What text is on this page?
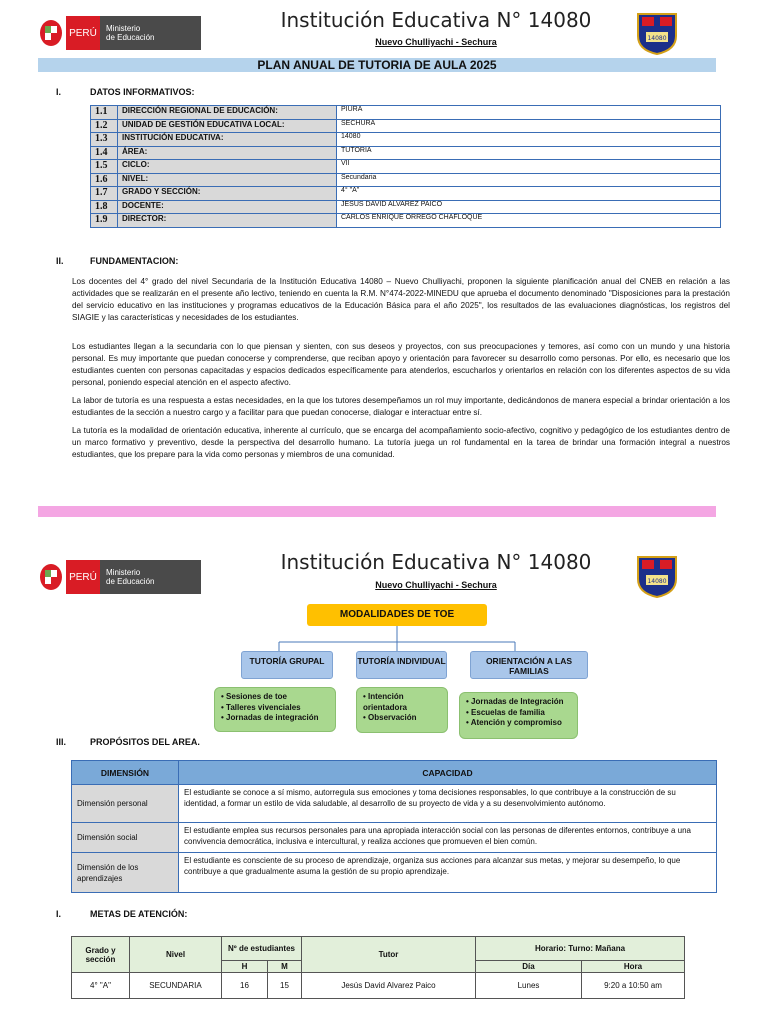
PERÚ	Ministerio
de Educación
Institución Educativa N° 14080
Nuevo Chulliyachi - Sechura	14080
PLAN ANUAL DE TUTORIA DE AULA 2025
I.	DATOS INFORMATIVOS:
1.1	DIRECCIÓN REGIONAL DE EDUCACIÓN:	PIURA
1.2	UNIDAD DE GESTIÓN EDUCATIVA LOCAL:	SECHURA
1.3	INSTITUCIÓN EDUCATIVA:	14080
1.4	ÁREA:	TUTORIA
1.5	CICLO:	VII
1.6	NIVEL:	Secundaria
1.7	GRADO Y SECCIÓN:	4° "A"
1.8	DOCENTE:	JESUS DAVID ALVAREZ PAICO
1.9	DIRECTOR:	CARLOS ENRIQUE ORREGO CHAFLOQUE
II.	FUNDAMENTACION:

Los docentes del 4° grado del nivel Secundaria de la Institución Educativa 14080 – Nuevo Chulliyachi, proponen la siguiente planificación anual del CNEB en relación a las actividades que se realizarán en el presente año lectivo, teniendo en cuenta la R.M. N°474-2022-MINEDU que aprueba el documento denominado "Disposiciones para la prestación del servicio educativo en las instituciones y programas educativos de la Educación Básica para el año 2025", los resultados de las evaluaciones diagnósticas, los registros del SIAGIE y las características y necesidades de los estudiantes.

Los estudiantes llegan a la secundaria con lo que piensan y sienten, con sus deseos y proyectos, con sus preocupaciones y temores, así como con un mundo y una historia personal. Es muy importante que puedan conocerse y comprenderse, que reciban apoyo y orientación para favorecer su desarrollo como personas. Por ello, es necesario que los estudiantes cuenten con personas capacitadas y espacios dedicados específicamente para atenderlos, escucharlos y orientarlos en relación con los diferentes aspectos de su vida personal, poniendo especial atención en el aspecto afectivo.

La labor de tutoría es una respuesta a estas necesidades, en la que los tutores desempeñamos un rol muy importante, dedicándonos de manera especial a brindar orientación a los estudiantes de la sección a nuestro cargo y a facilitar para que puedan conocerse, dialogar e interactuar entre sí.

La tutoría es la modalidad de orientación educativa, inherente al currículo, que se encarga del acompañamiento socio-afectivo, cognitivo y pedagógico de los estudiantes dentro de un marco formativo y preventivo, desde la perspectiva del desarrollo humano. La tutoría juega un rol fundamental en la tarea de brindar una formación integral a nuestros estudiantes, que los prepare para la vida como personas y miembros de una comunidad.

PERÚ	Ministerio
de Educación
Institución Educativa N° 14080
Nuevo Chulliyachi - Sechura	14080
MODALIDADES DE TOE
TUTORÍA GRUPAL	TUTORÍA INDIVIDUAL	ORIENTACIÓN A LAS FAMILIAS
• Sesiones de toe
• Talleres vivenciales
• Jornadas de integración
• Intención orientadora
• Observación
• Jornadas de Integración
• Escuelas de familia
• Atención y compromiso
III.	PROPÓSITOS DEL AREA.
DIMENSIÓN	CAPACIDAD
Dimensión personal	El estudiante se conoce a sí mismo, autorregula sus emociones y toma decisiones responsables, lo que contribuye a la construcción de su identidad, a formar un estilo de vida saludable, al desarrollo de su proyecto de vida y a su desenvolvimiento autónomo.
Dimensión social	El estudiante emplea sus recursos personales para una apropiada interacción social con las personas de diferentes entornos, contribuye a una convivencia democrática, inclusiva e intercultural, y realiza acciones que promueven el bien común.
Dimensión de los aprendizajes	El estudiante es consciente de su proceso de aprendizaje, organiza sus acciones para alcanzar sus metas, y mejorar su desempeño, lo que contribuye a que gradualmente asuma la gestión de su propio aprendizaje.
I.	METAS DE ATENCIÓN:
Grado y sección	Nivel	Nº de estudiantes		Tutor	Horario: Turno: Mañana	
		H	M		Día	Hora
4° "A"	SECUNDARIA	16	15	Jesús David Alvarez Paico	Lunes	9:20 a 10:50 am
